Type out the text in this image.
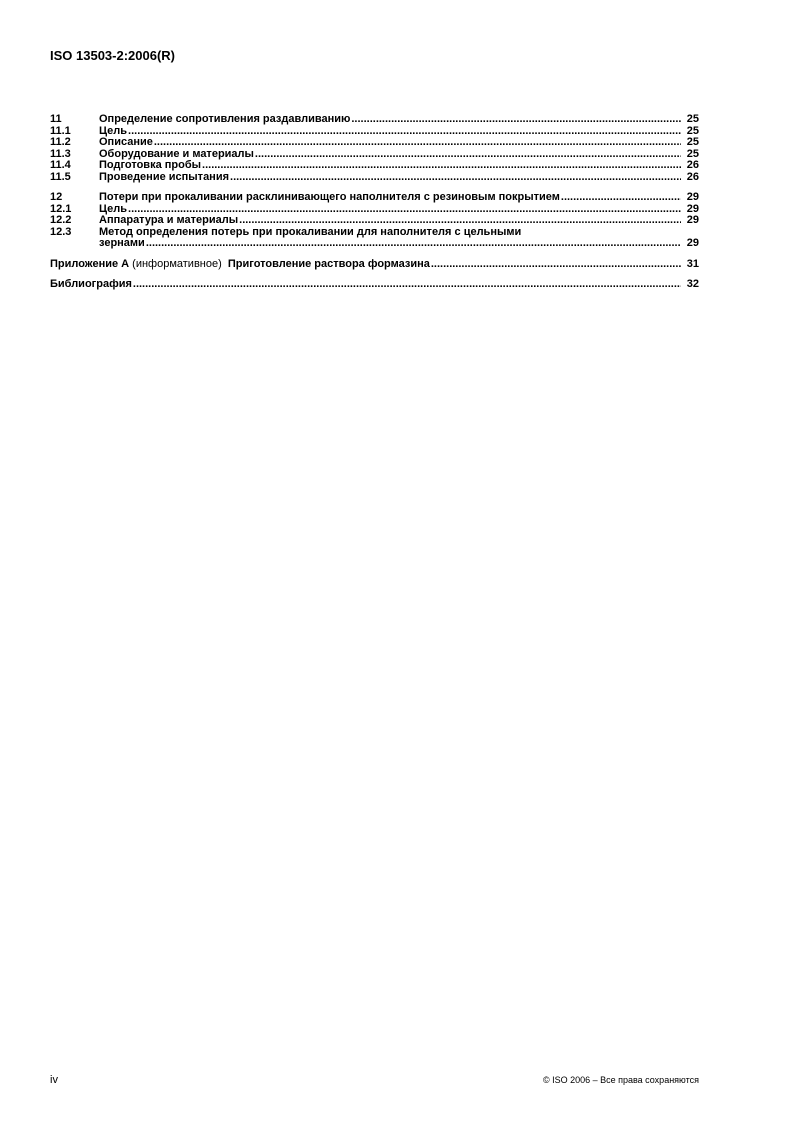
ISO 13503-2:2006(R)
11	Определение сопротивления раздавливанию .....	25
11.1	Цель .....	25
11.2	Описание .....	25
11.3	Оборудование и материалы .....	25
11.4	Подготовка пробы .....	26
11.5	Проведение испытания .....	26
12	Потери при прокаливании расклинивающего наполнителя с резиновым покрытием .....	29
12.1	Цель .....	29
12.2	Аппаратура и материалы .....	29
12.3	Метод определения потерь при прокаливании для наполнителя с цельными
зернами .....	29
Приложение А (информативное)  Приготовление раствора формазина .....	31
Библиография .....	32
iv	© ISO 2006 – Все права сохраняются
